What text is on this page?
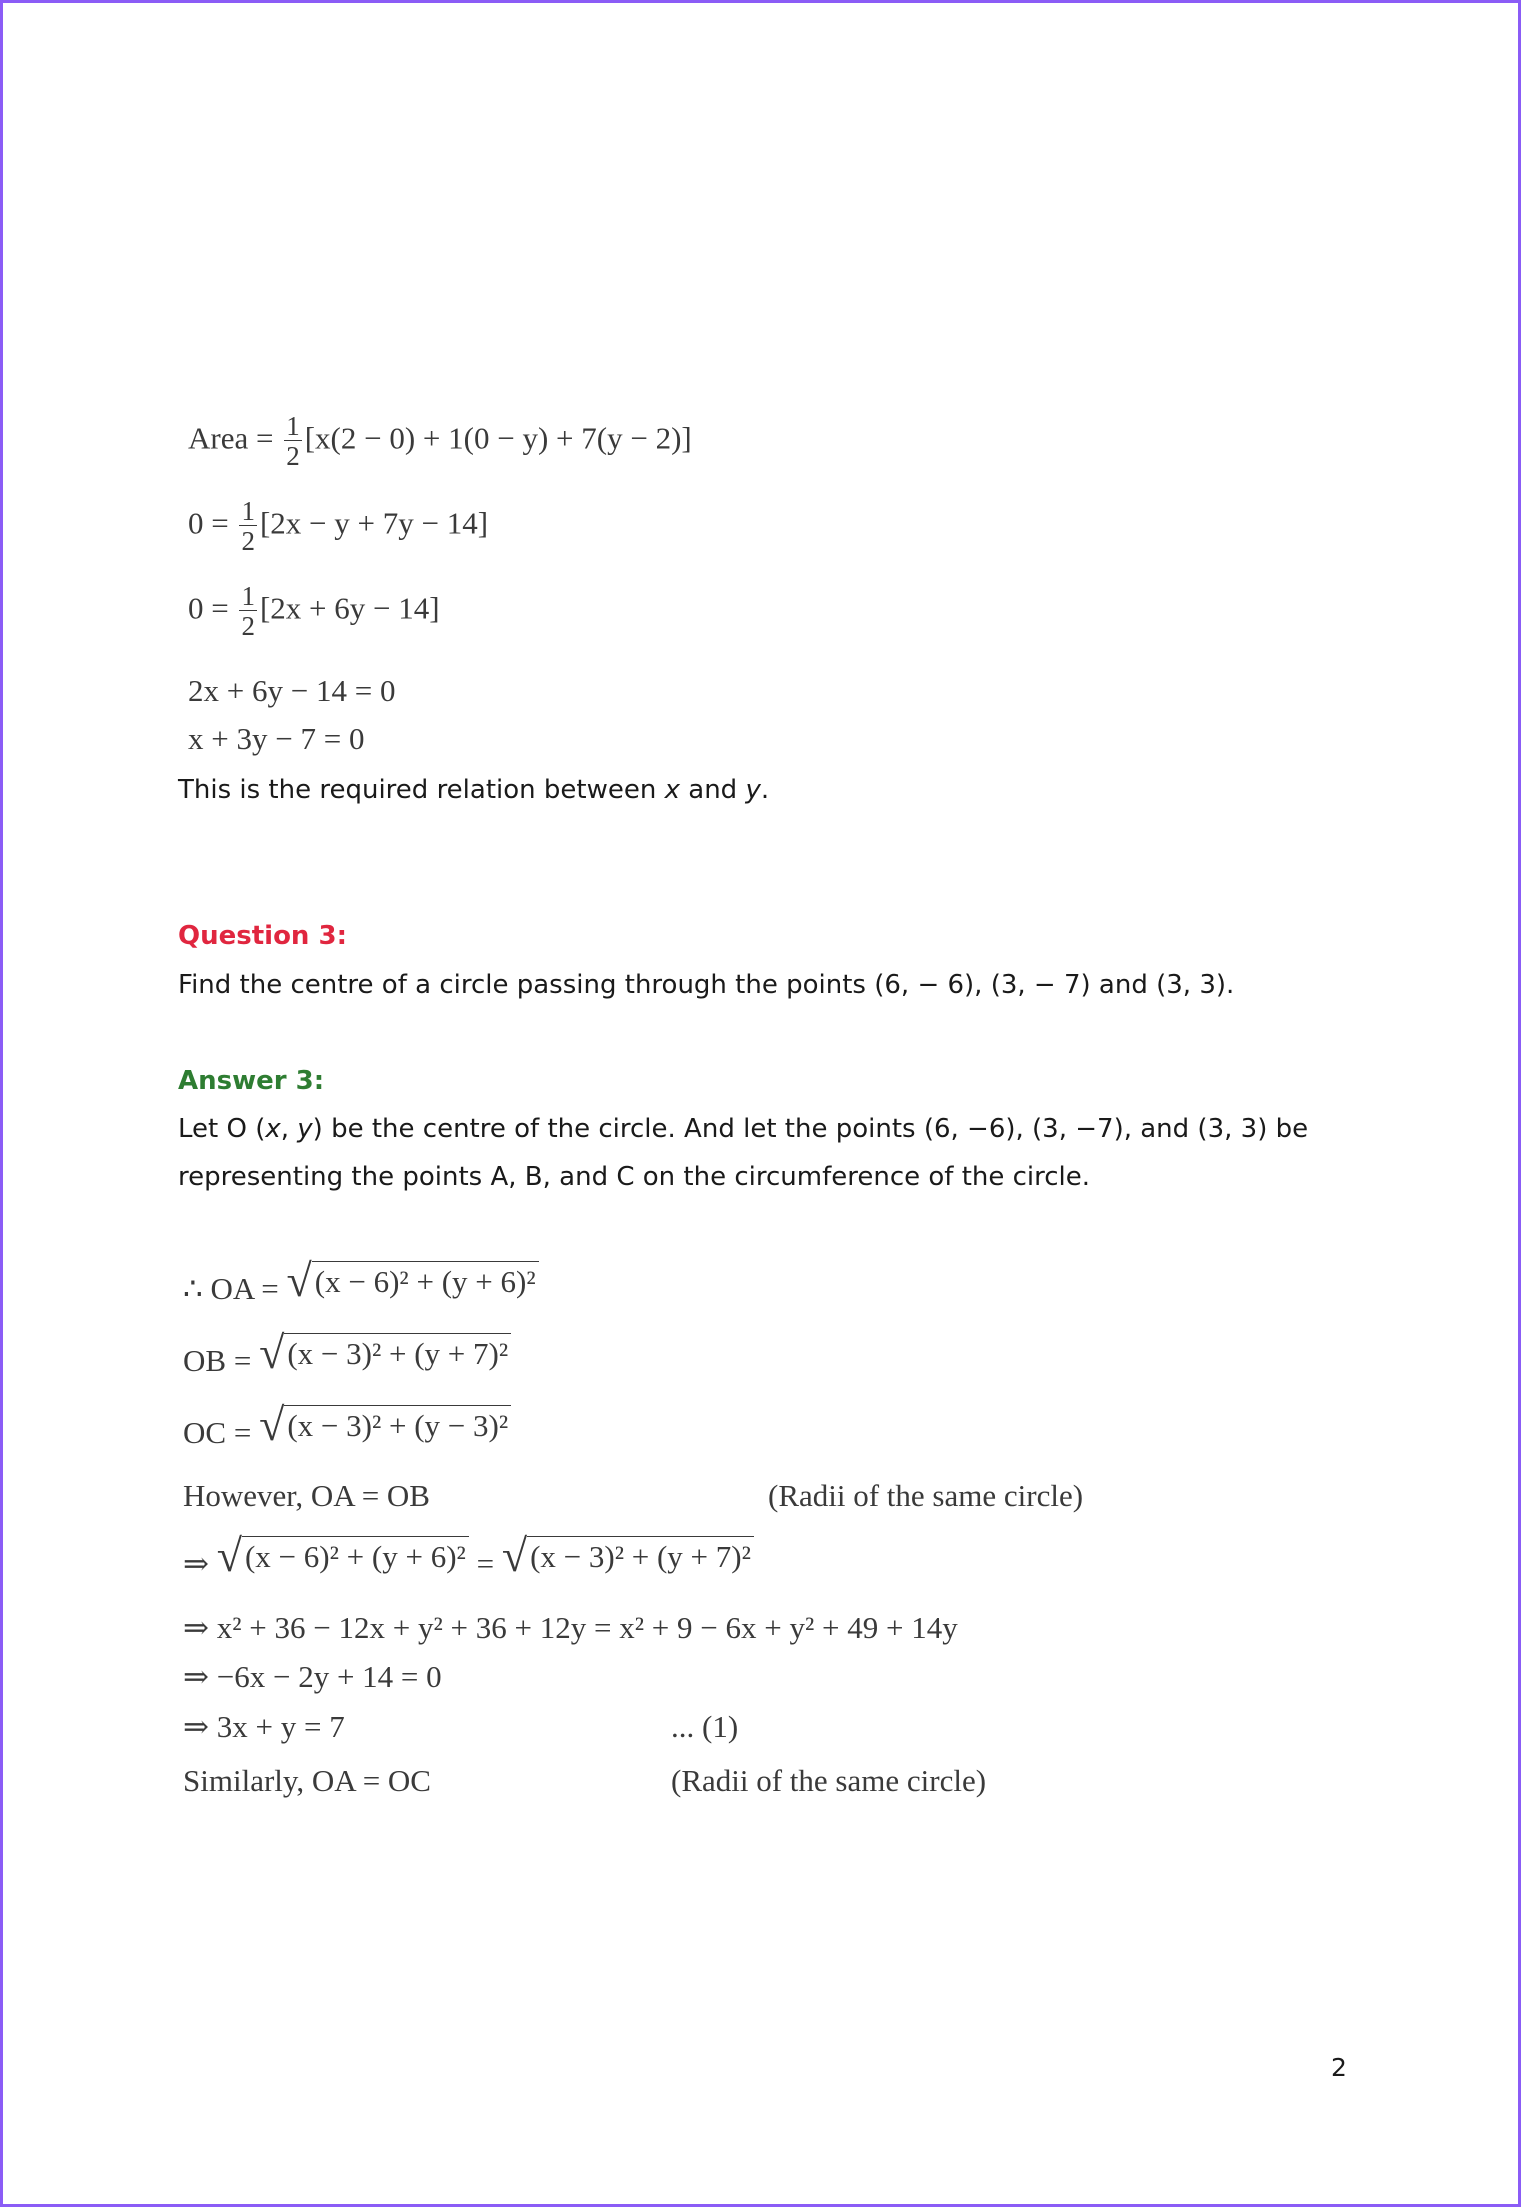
Area = $\frac{1}{2} [x(2 - 0) + 1(0 - y) + 7(y - 2)]$
$0 = \frac{1}{2} [2x - y + 7y - 14]$
$0 = \frac{1}{2} [2x + 6y - 14]$
2x + 6y − 14 = 0
x + 3y − 7 = 0
This is the required relation between x and y.
Question 3:
Find the centre of a circle passing through the points (6, − 6), (3, − 7) and (3, 3).
Answer 3:
Let O (x, y) be the centre of the circle. And let the points (6, −6), (3, −7), and (3, 3) be
representing the points A, B, and C on the circumference of the circle.
∴ OA = √ (x − 6)² + (y + 6)²
OB = √ (x − 3)² + (y + 7)²
OC = √ (x − 3)² + (y − 3)²
However, OA = OB	(Radii of the same circle)
⇒ √ (x − 6)² + (y + 6)² = √ (x − 3)² + (y + 7)²
⇒ x² + 36 − 12x + y² + 36 + 12y = x² + 9 − 6x + y² + 49 + 14y
⇒ −6x − 2y + 14 = 0
⇒ 3x + y = 7	... (1)
Similarly, OA = OC	(Radii of the same circle)
2
